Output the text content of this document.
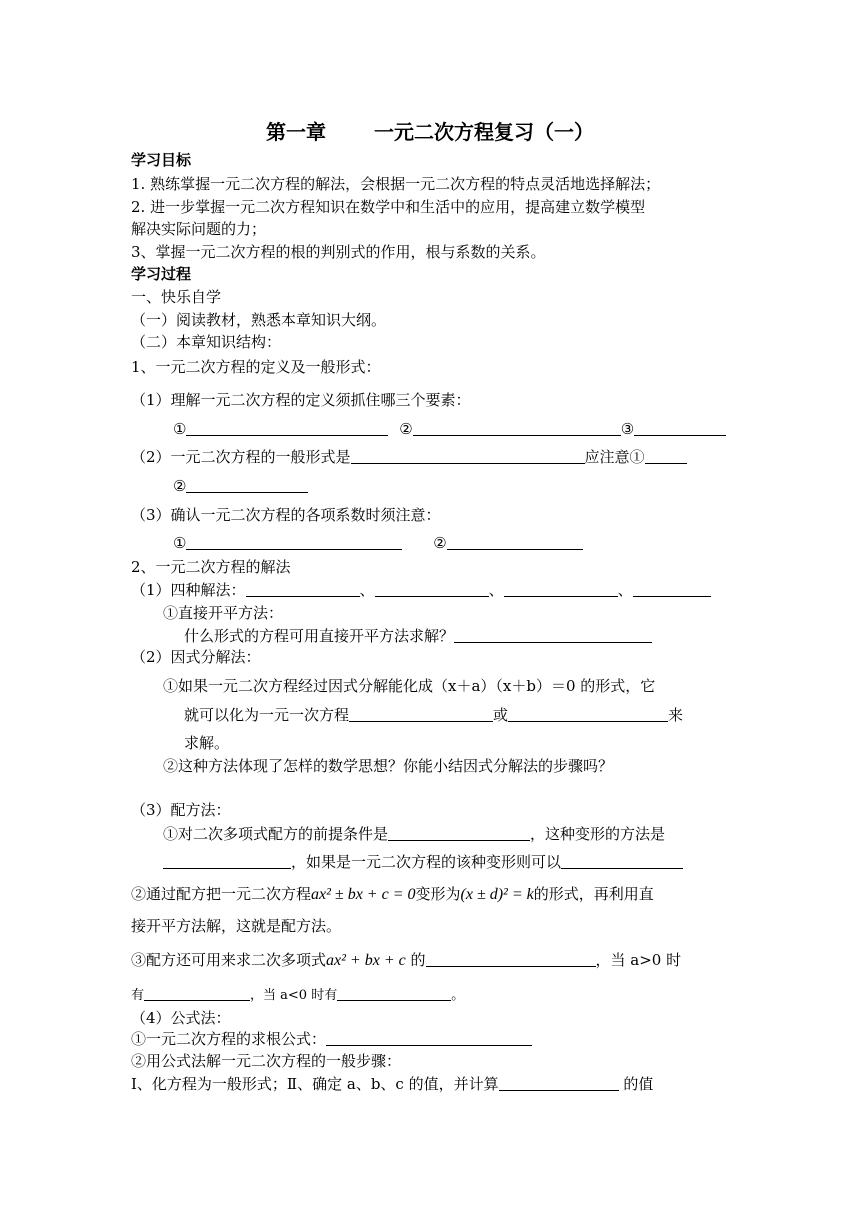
第一章 一元二次方程复习（一）
学习目标
1. 熟练掌握一元二次方程的解法，会根据一元二次方程的特点灵活地选择解法；
2. 进一步掌握一元二次方程知识在数学中和生活中的应用，提高建立数学模型
解决实际问题的力；
3、掌握一元二次方程的根的判别式的作用，根与系数的关系。
学习过程
一、快乐自学
（一）阅读教材，熟悉本章知识大纲。
（二）本章知识结构：
1、一元二次方程的定义及一般形式：
（1）理解一元二次方程的定义须抓住哪三个要素：
①	②	③
（2）一元二次方程的一般形式是	应注意①
②
（3）确认一元二次方程的各项系数时须注意：
①	②
2、一元二次方程的解法
（1）四种解法：	、	、	、
①直接开平方法：
什么形式的方程可用直接开平方法求解？
（2）因式分解法：
①如果一元二次方程经过因式分解能化成（x＋a）（x＋b）＝0 的形式，它
就可以化为一元一次方程	或	来
求解。
②这种方法体现了怎样的数学思想？你能小结因式分解法的步骤吗？
（3）配方法：
①对二次多项式配方的前提条件是	，这种变形的方法是
，如果是一元二次方程的该种变形则可以
②通过配方把一元二次方程ax² ± bx + c = 0变形为(x ± d)² = k的形式，再利用直
接开平方法解，这就是配方法。
③配方还可用来求二次多项式ax² + bx + c 的	，当 a>0 时
有	，当 a<0 时有	。
（4）公式法：
①一元二次方程的求根公式：
②用公式法解一元二次方程的一般步骤：
Ⅰ、化方程为一般形式；Ⅱ、确定 a、b、c 的值，并计算	的值
